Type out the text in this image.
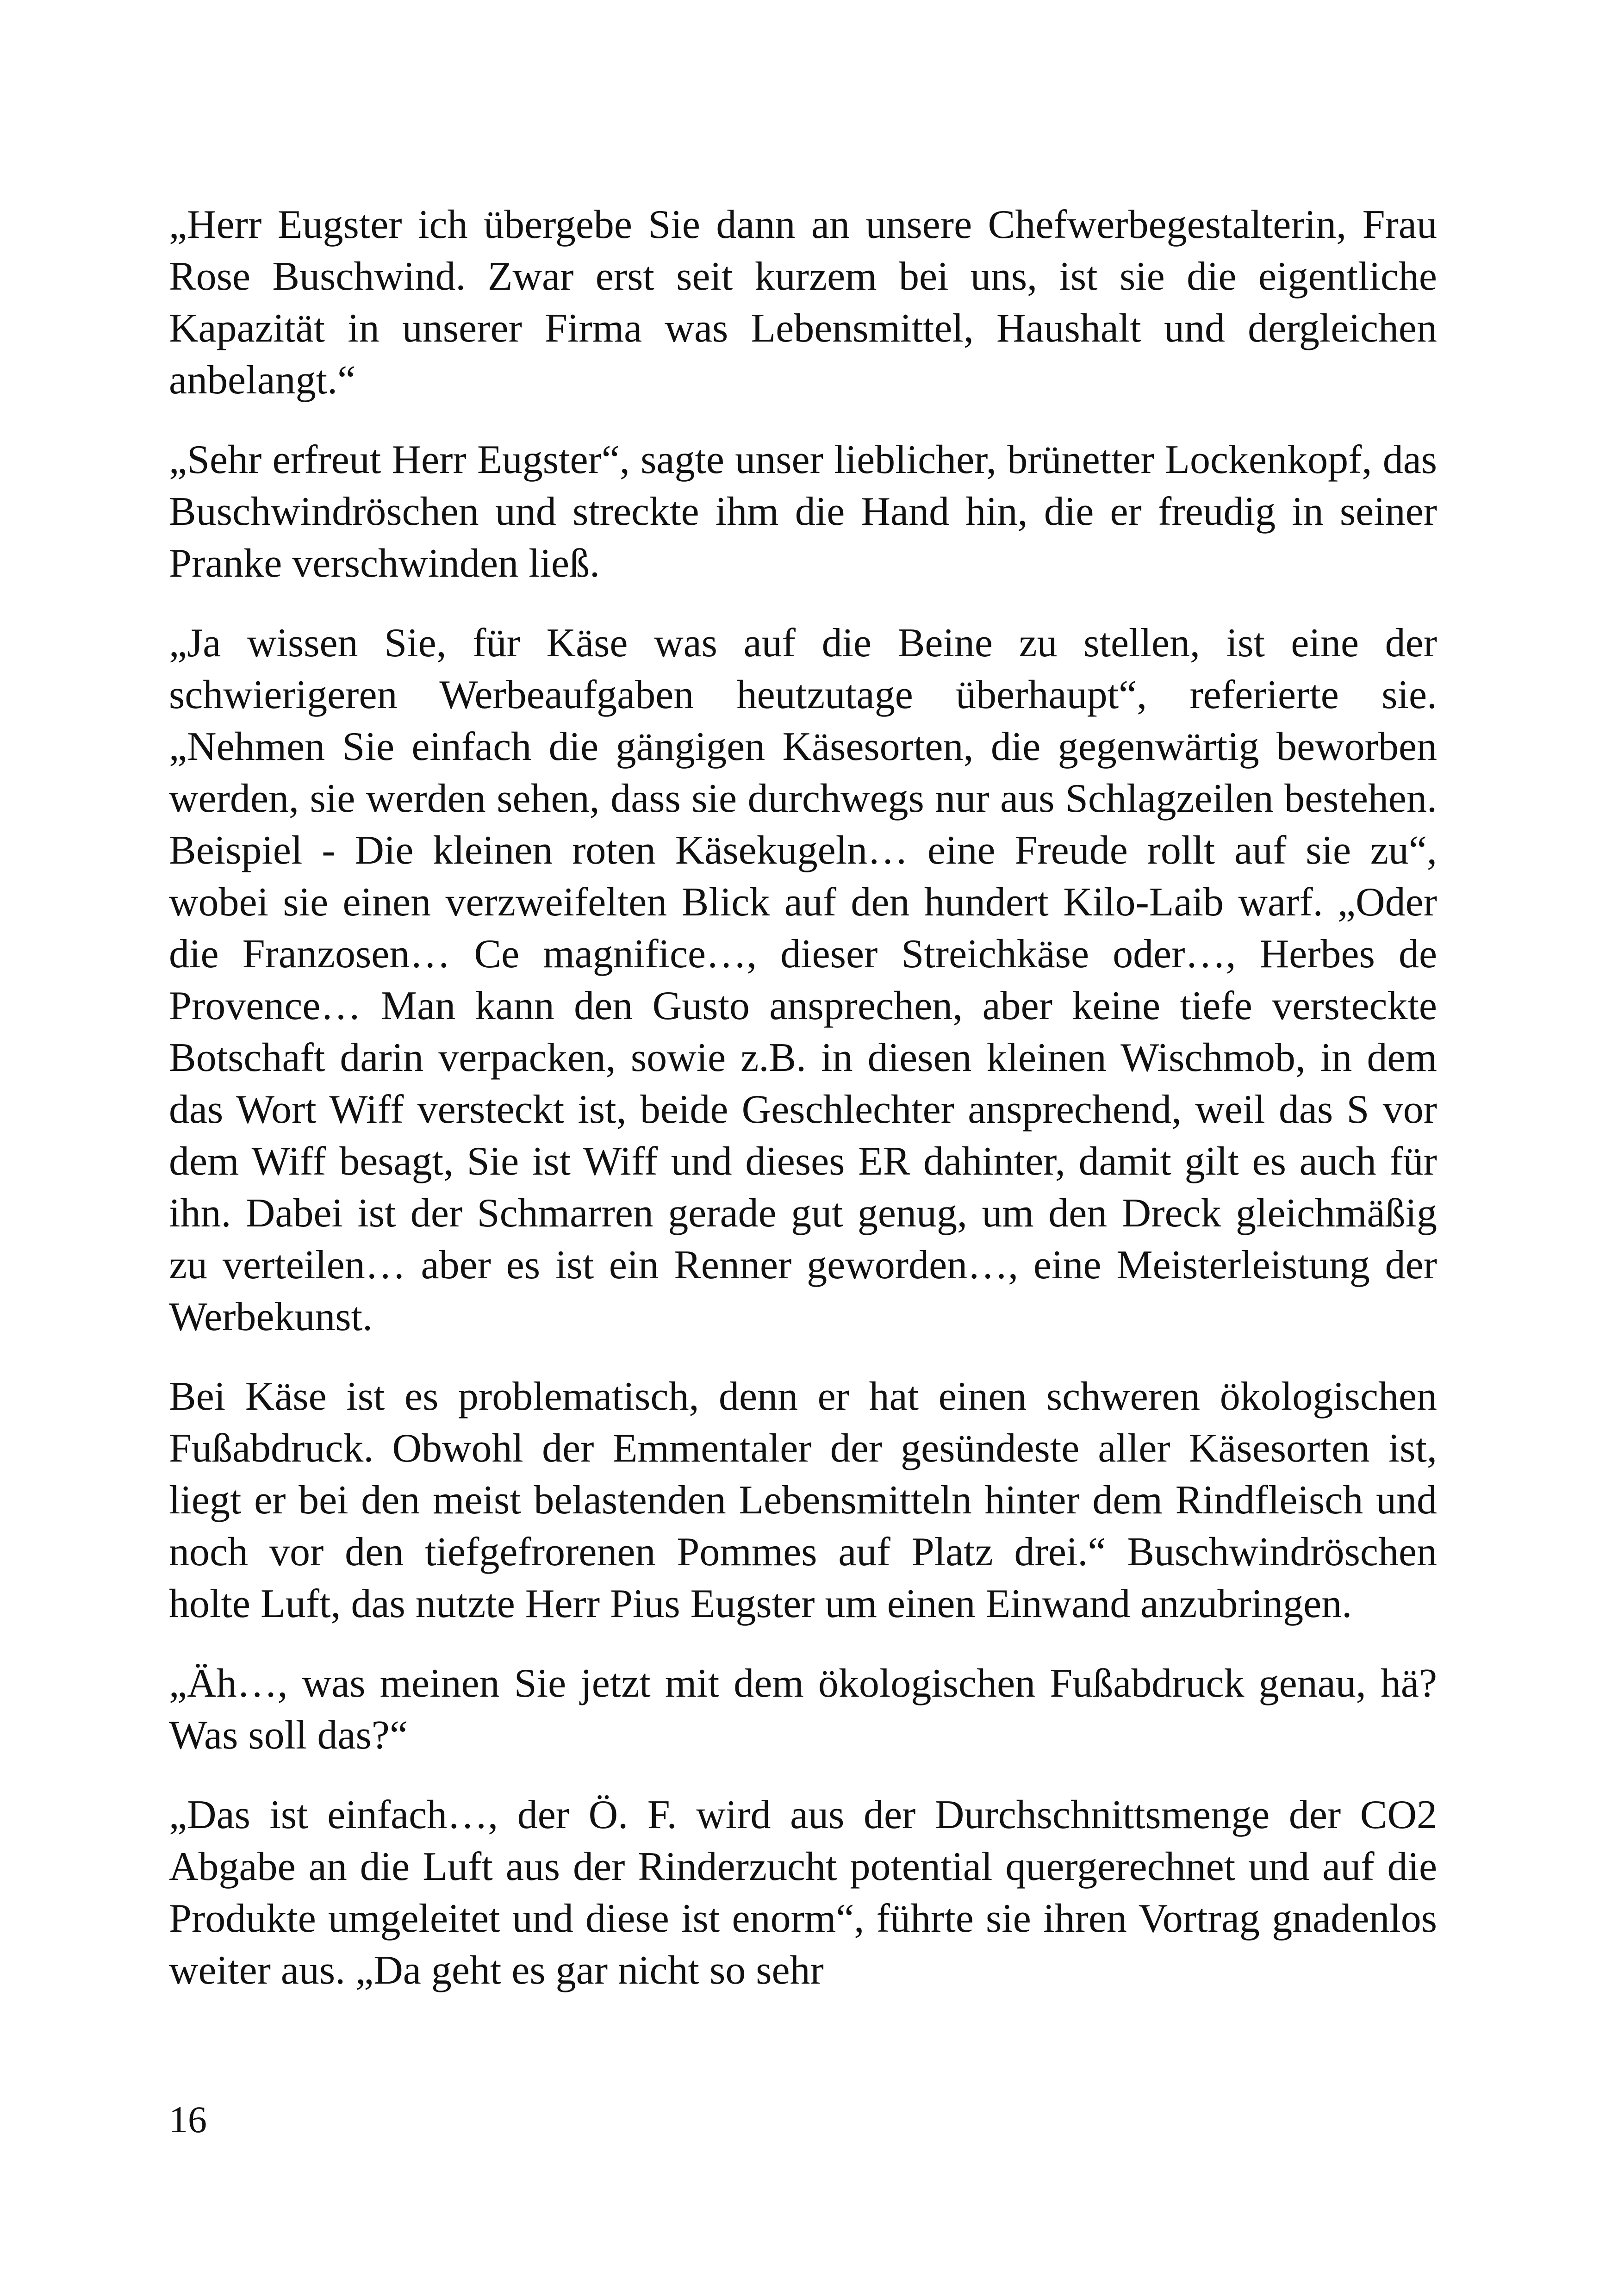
„Herr Eugster ich übergebe Sie dann an unsere Chefwerbegestalterin, Frau Rose Buschwind. Zwar erst seit kurzem bei uns, ist sie die eigentliche Kapazität in unserer Firma was Lebensmittel, Haushalt und dergleichen anbelangt.“

„Sehr erfreut Herr Eugster“, sagte unser lieblicher, brünetter Lockenkopf, das Buschwindröschen und streckte ihm die Hand hin, die er freudig in seiner Pranke verschwinden ließ.

„Ja wissen Sie, für Käse was auf die Beine zu stellen, ist eine der schwierigeren Werbeaufgaben heutzutage überhaupt“, referierte sie. „Nehmen Sie einfach die gängigen Käsesorten, die gegenwärtig beworben werden, sie werden sehen, dass sie durchwegs nur aus Schlagzeilen bestehen. Beispiel - Die kleinen roten Käsekugeln… eine Freude rollt auf sie zu“, wobei sie einen verzweifelten Blick auf den hundert Kilo-Laib warf. „Oder die Franzosen… Ce magnifice…, dieser Streichkäse oder…, Herbes de Provence… Man kann den Gusto ansprechen, aber keine tiefe versteckte Botschaft darin verpacken, sowie z.B. in diesen kleinen Wischmob, in dem das Wort Wiff versteckt ist, beide Geschlechter ansprechend, weil das S vor dem Wiff besagt, Sie ist Wiff und dieses ER dahinter, damit gilt es auch für ihn. Dabei ist der Schmarren gerade gut genug, um den Dreck gleichmäßig zu verteilen… aber es ist ein Renner geworden…, eine Meisterleistung der Werbekunst.

Bei Käse ist es problematisch, denn er hat einen schweren ökologischen Fußabdruck. Obwohl der Emmentaler der gesündeste aller Käsesorten ist, liegt er bei den meist belastenden Lebensmitteln hinter dem Rindfleisch und noch vor den tiefgefrorenen Pommes auf Platz drei.“ Buschwindröschen holte Luft, das nutzte Herr Pius Eugster um einen Einwand anzubringen.

„Äh…, was meinen Sie jetzt mit dem ökologischen Fußabdruck genau, hä? Was soll das?“

„Das ist einfach…, der Ö. F. wird aus der Durchschnittsmenge der CO2 Abgabe an die Luft aus der Rinderzucht potential quergerechnet und auf die Produkte umgeleitet und diese ist enorm“, führte sie ihren Vortrag gnadenlos weiter aus. „Da geht es gar nicht so sehr

16
